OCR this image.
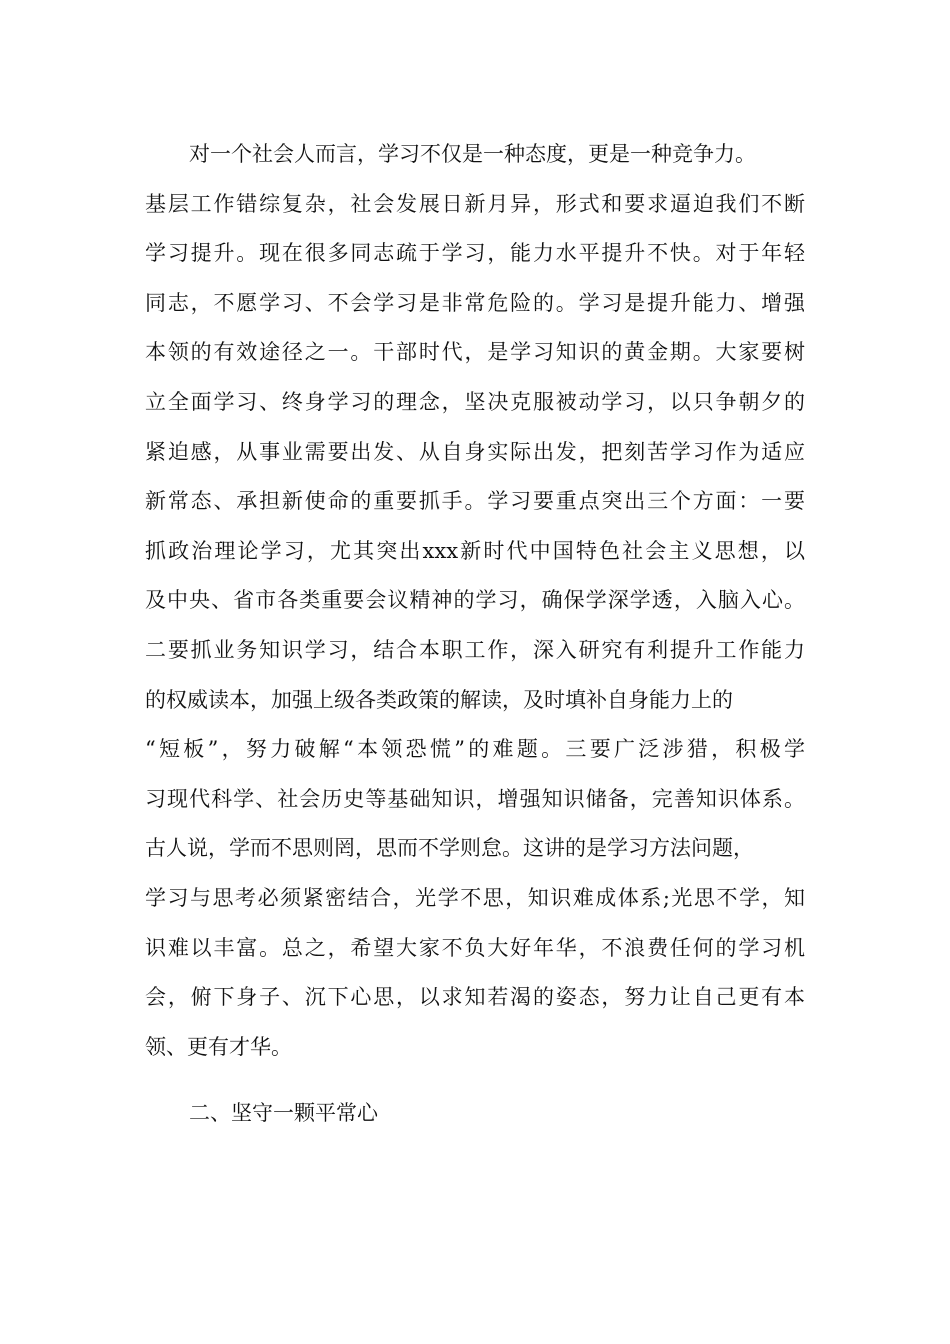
对一个社会人而言，学习不仅是一种态度，更是一种竞争力。
基层工作错综复杂，社会发展日新月异，形式和要求逼迫我们不断
学习提升。现在很多同志疏于学习，能力水平提升不快。对于年轻
同志，不愿学习、不会学习是非常危险的。学习是提升能力、增强
本领的有效途径之一。干部时代，是学习知识的黄金期。大家要树
立全面学习、终身学习的理念，坚决克服被动学习，以只争朝夕的
紧迫感，从事业需要出发、从自身实际出发，把刻苦学习作为适应
新常态、承担新使命的重要抓手。学习要重点突出三个方面：一要
抓政治理论学习，尤其突出xxx新时代中国特色社会主义思想，以
及中央、省市各类重要会议精神的学习，确保学深学透，入脑入心。
二要抓业务知识学习，结合本职工作，深入研究有利提升工作能力
的权威读本，加强上级各类政策的解读，及时填补自身能力上的
“短板”，努力破解“本领恐慌”的难题。三要广泛涉猎，积极学
习现代科学、社会历史等基础知识，增强知识储备，完善知识体系。
古人说，学而不思则罔，思而不学则怠。这讲的是学习方法问题，
学习与思考必须紧密结合，光学不思，知识难成体系;光思不学，知
识难以丰富。总之，希望大家不负大好年华，不浪费任何的学习机
会，俯下身子、沉下心思，以求知若渴的姿态，努力让自己更有本
领、更有才华。
二、坚守一颗平常心
